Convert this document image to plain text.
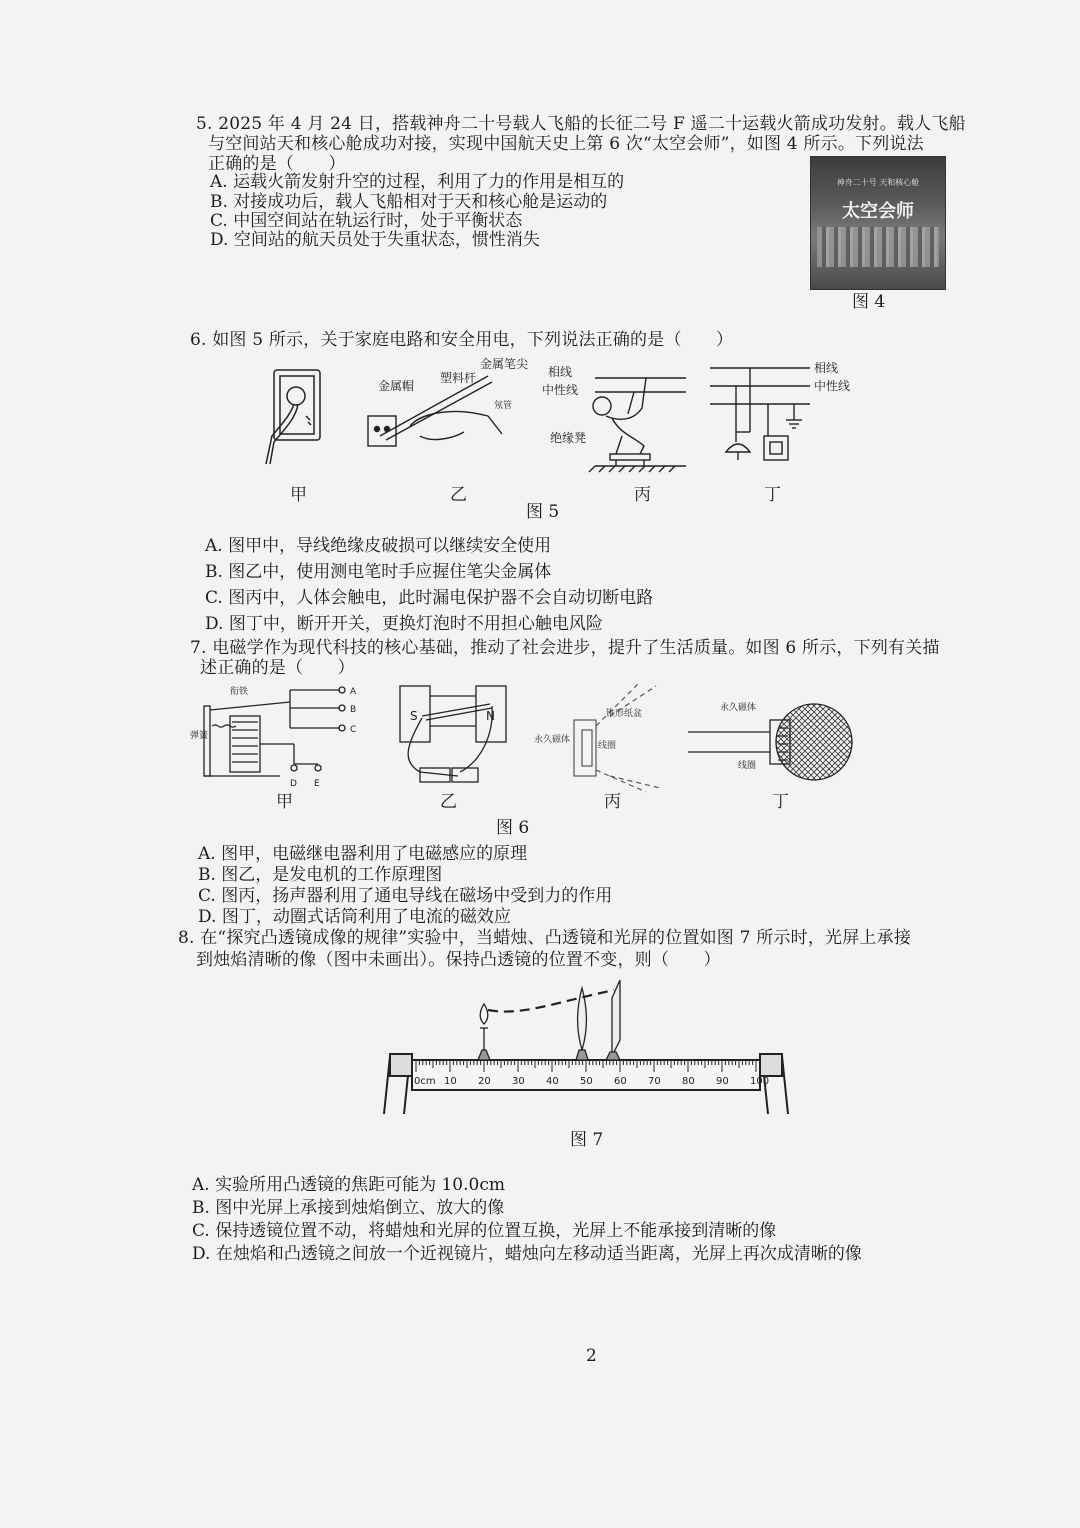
5. 2025 年 4 月 24 日，搭载神舟二十号载人飞船的长征二号 F 遥二十运载火箭成功发射。载人飞船
与空间站天和核心舱成功对接，实现中国航天史上第 6 次“太空会师”，如图 4 所示。下列说法
正确的是（　　）
A. 运载火箭发射升空的过程，利用了力的作用是相互的
B. 对接成功后，载人飞船相对于天和核心舱是运动的
C. 中国空间站在轨运行时，处于平衡状态
D. 空间站的航天员处于失重状态，惯性消失
神舟二十号 天和核心舱
太空会师
图 4
6. 如图 5 所示，关于家庭电路和安全用电，下列说法正确的是（　　）
金属帽
塑料杆
金属笔尖
氖管
相线
中性线
绝缘凳
相线
中性线
甲	乙	丙	丁
图 5
A. 图甲中，导线绝缘皮破损可以继续安全使用
B. 图乙中，使用测电笔时手应握住笔尖金属体
C. 图丙中，人体会触电，此时漏电保护器不会自动切断电路
D. 图丁中，断开开关，更换灯泡时不用担心触电风险
7. 电磁学作为现代科技的核心基础，推动了社会进步，提升了生活质量。如图 6 所示，下列有关描
述正确的是（　　）
衔铁
弹簧
A
B
C
D E
S	N
永久磁体
线圈
锥形纸盆
永久磁体
线圈
甲	乙	丙	丁
图 6
A. 图甲，电磁继电器利用了电磁感应的原理
B. 图乙，是发电机的工作原理图
C. 图丙，扬声器利用了通电导线在磁场中受到力的作用
D. 图丁，动圈式话筒利用了电流的磁效应
8. 在“探究凸透镜成像的规律”实验中，当蜡烛、凸透镜和光屏的位置如图 7 所示时，光屏上承接
到烛焰清晰的像（图中未画出）。保持凸透镜的位置不变，则（　　）
0cm 10 20 30 40 50 60 70 80 90 100
图 7
A. 实验所用凸透镜的焦距可能为 10.0cm
B. 图中光屏上承接到烛焰倒立、放大的像
C. 保持透镜位置不动，将蜡烛和光屏的位置互换，光屏上不能承接到清晰的像
D. 在烛焰和凸透镜之间放一个近视镜片，蜡烛向左移动适当距离，光屏上再次成清晰的像
2
